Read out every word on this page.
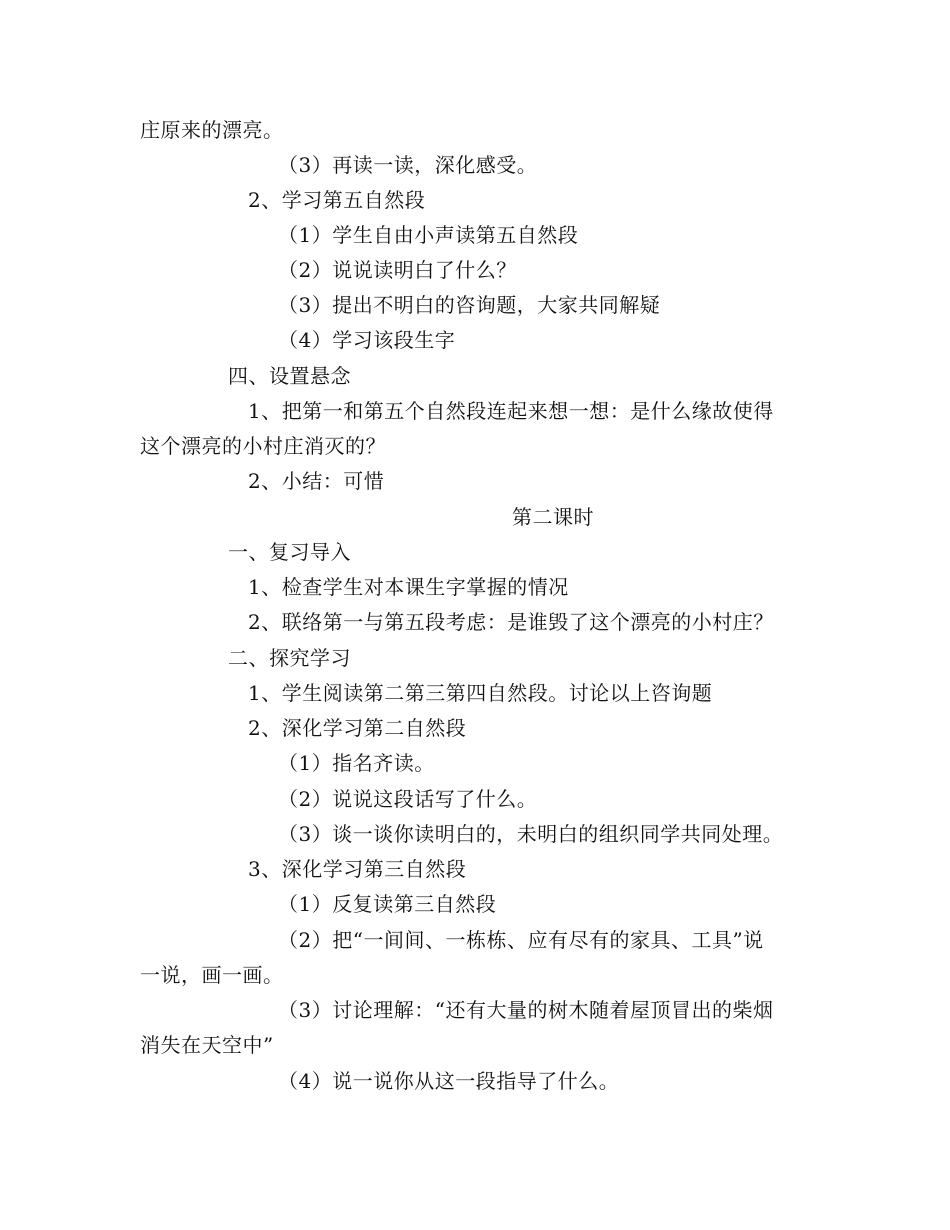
庄原来的漂亮。
（3）再读一读，深化感受。
2、学习第五自然段
（1）学生自由小声读第五自然段
（2）说说读明白了什么？
（3）提出不明白的咨询题，大家共同解疑
（4）学习该段生字
四、设置悬念
1、把第一和第五个自然段连起来想一想：是什么缘故使得
这个漂亮的小村庄消灭的？
2、小结：可惜
第二课时
一、复习导入
1、检查学生对本课生字掌握的情况
2、联络第一与第五段考虑：是谁毁了这个漂亮的小村庄？
二、探究学习
1、学生阅读第二第三第四自然段。讨论以上咨询题
2、深化学习第二自然段
（1）指名齐读。
（2）说说这段话写了什么。
（3）谈一谈你读明白的，未明白的组织同学共同处理。
3、深化学习第三自然段
（1）反复读第三自然段
（2）把“一间间、一栋栋、应有尽有的家具、工具”说
一说，画一画。
（3）讨论理解：“还有大量的树木随着屋顶冒出的柴烟
消失在天空中”
（4）说一说你从这一段指导了什么。
